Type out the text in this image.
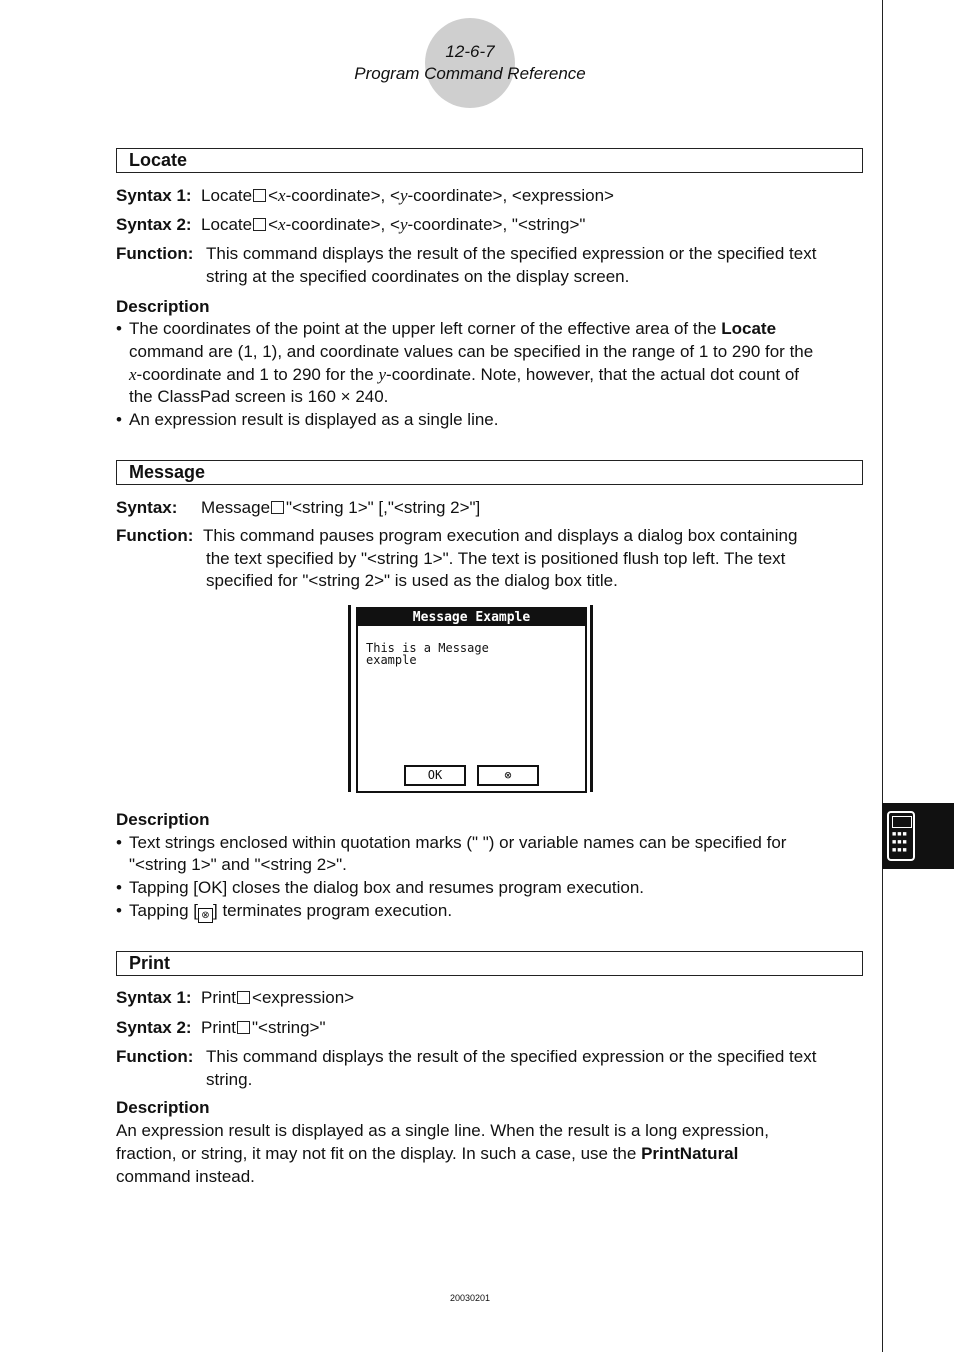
12-6-7
Program Command Reference
Locate
Syntax 1: Locate <x-coordinate>, <y-coordinate>, <expression>
Syntax 2: Locate <x-coordinate>, <y-coordinate>, "<string>"
Function: This command displays the result of the specified expression or the specified text
string at the specified coordinates on the display screen.
Description
• The coordinates of the point at the upper left corner of the effective area of the Locate
command are (1, 1), and coordinate values can be specified in the range of 1 to 290 for the
x-coordinate and 1 to 290 for the y-coordinate. Note, however, that the actual dot count of
the ClassPad screen is 160 × 240.
• An expression result is displayed as a single line.
Message
Syntax: Message "<string 1>" [,"<string 2>"]
Function: This command pauses program execution and displays a dialog box containing
the text specified by "<string 1>". The text is positioned flush top left. The text
specified for "<string 2>" is used as the dialog box title.
Message Example
This is a Message
example
OK	⊗
Description
• Text strings enclosed within quotation marks (" ") or variable names can be specified for
"<string 1>" and "<string 2>".
• Tapping [OK] closes the dialog box and resumes program execution.
• Tapping [ ⊗ ] terminates program execution.
Print
Syntax 1: Print <expression>
Syntax 2: Print "<string>"
Function: This command displays the result of the specified expression or the specified text
string.
Description
An expression result is displayed as a single line. When the result is a long expression,
fraction, or string, it may not fit on the display. In such a case, use the PrintNatural
command instead.
■■■
■■■
■■■
20030201
